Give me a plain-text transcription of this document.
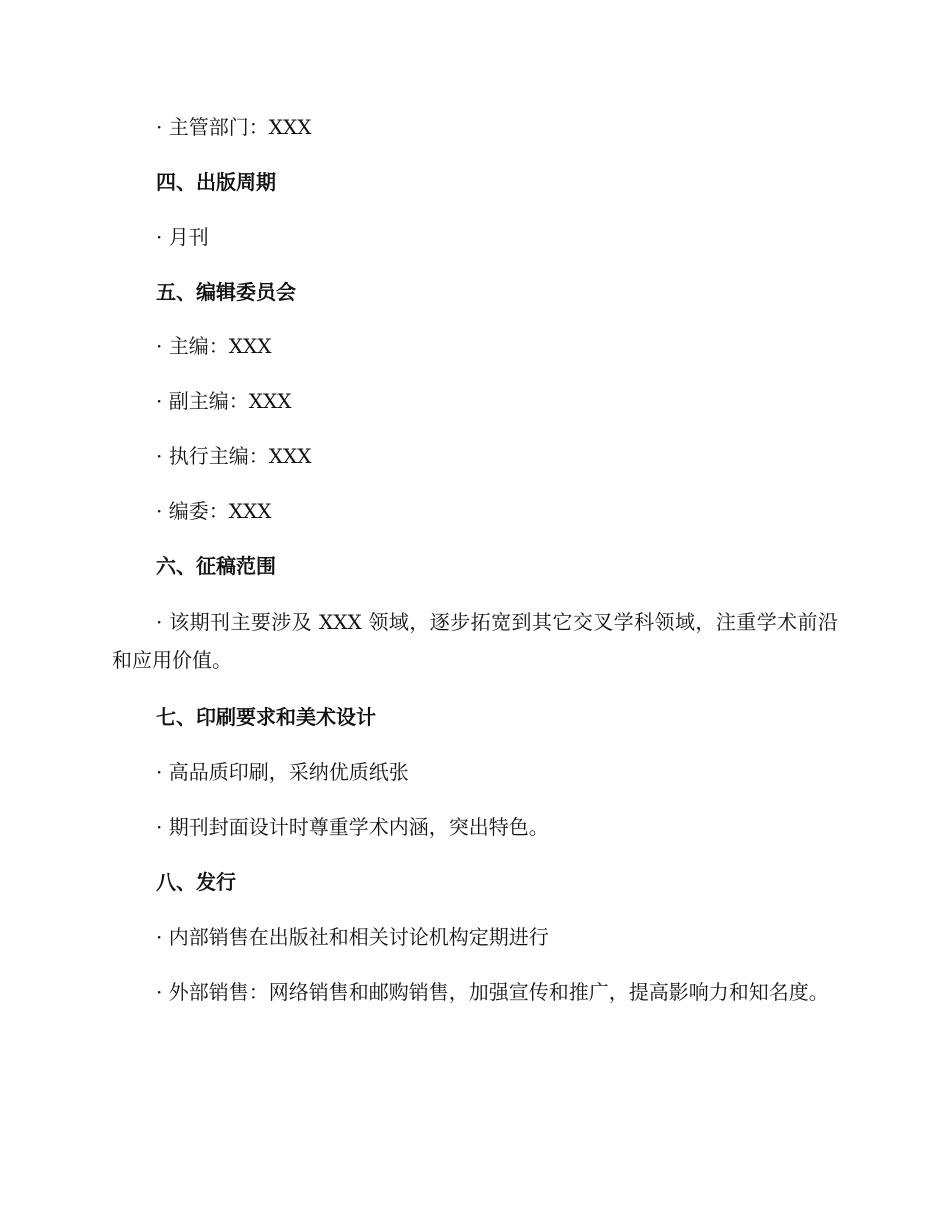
· 主管部门：XXX
四、出版周期
· 月刊
五、编辑委员会
· 主编：XXX
· 副主编：XXX
· 执行主编：XXX
· 编委：XXX
六、征稿范围
· 该期刊主要涉及 XXX 领域，逐步拓宽到其它交叉学科领域，注重学术前沿和应用价值。
七、印刷要求和美术设计
· 高品质印刷，采纳优质纸张
· 期刊封面设计时尊重学术内涵，突出特色。
八、发行
· 内部销售在出版社和相关讨论机构定期进行
· 外部销售：网络销售和邮购销售，加强宣传和推广，提高影响力和知名度。
